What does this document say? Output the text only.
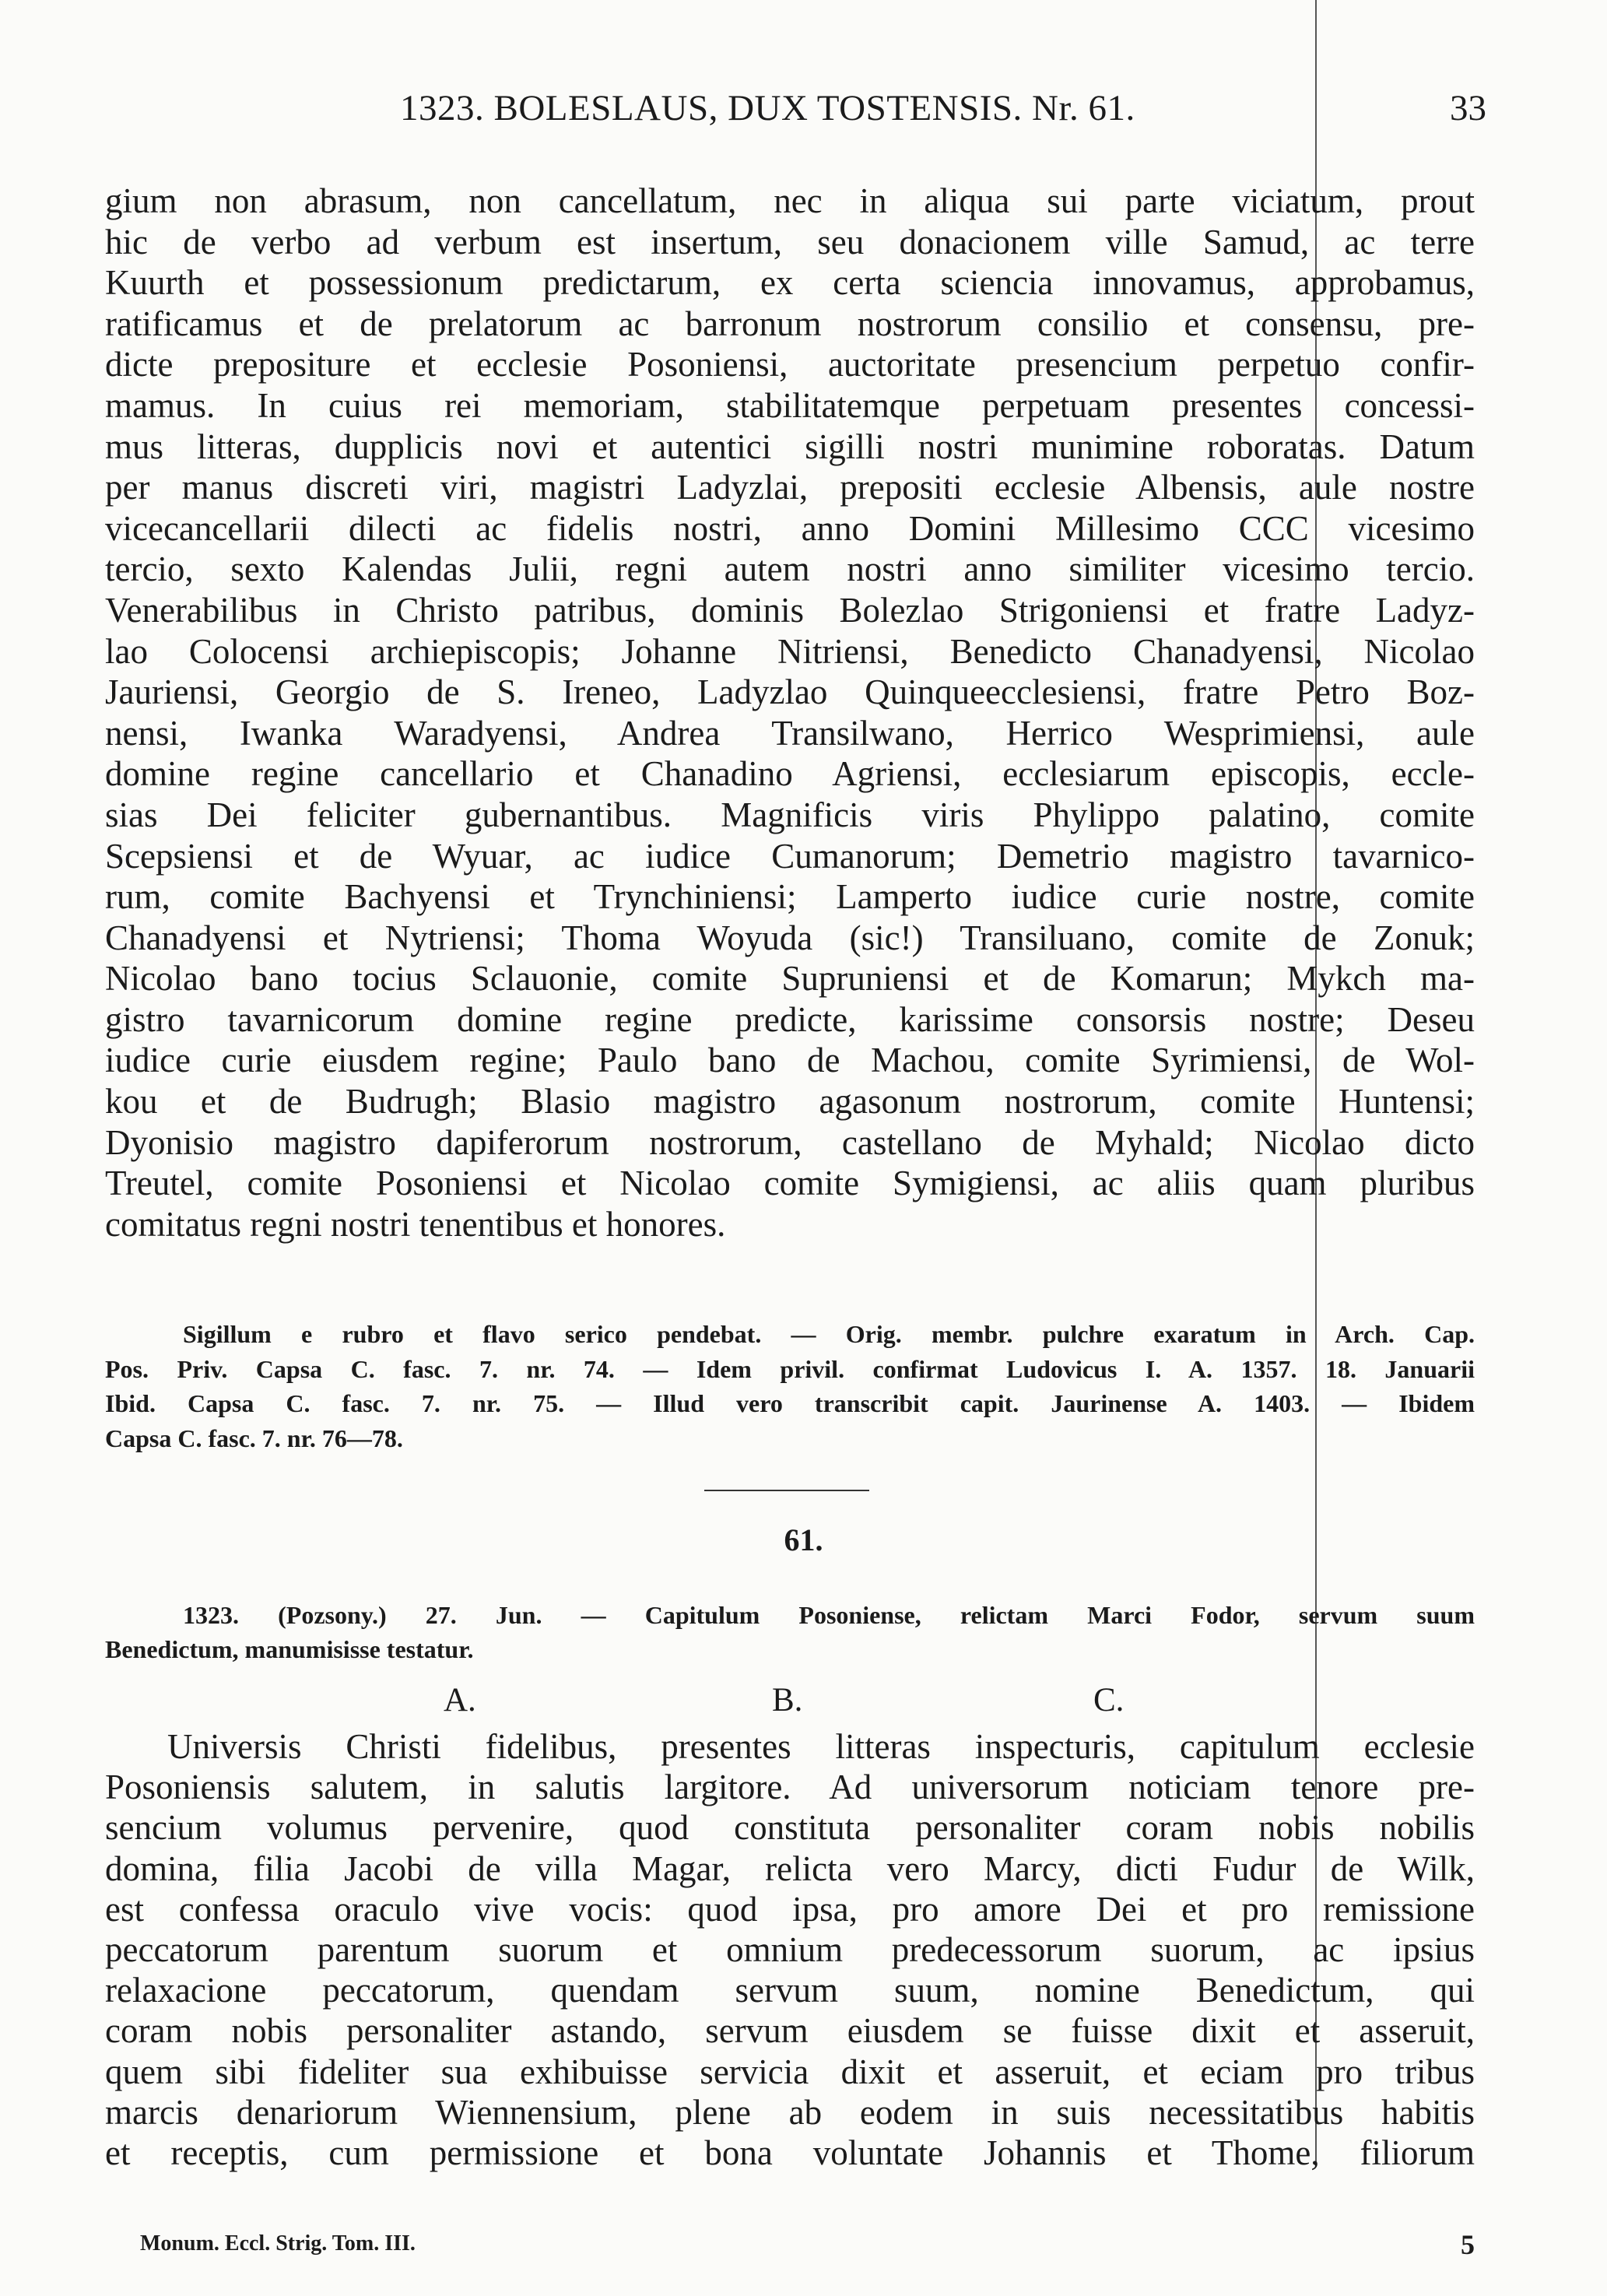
1323. BOLESLAUS, DUX TOSTENSIS. Nr. 61.	33
gium non abrasum, non cancellatum, nec in aliqua sui parte viciatum, prout
hic de verbo ad verbum est insertum, seu donacionem ville Samud, ac terre
Kuurth et possessionum predictarum, ex certa sciencia innovamus, approbamus,
ratificamus et de prelatorum ac barronum nostrorum consilio et consensu, pre-
dicte prepositure et ecclesie Posoniensi, auctoritate presencium perpetuo confir-
mamus. In cuius rei memoriam, stabilitatemque perpetuam presentes concessi-
mus litteras, dupplicis novi et autentici sigilli nostri munimine roboratas. Datum
per manus discreti viri, magistri Ladyzlai, prepositi ecclesie Albensis, aule nostre
vicecancellarii dilecti ac fidelis nostri, anno Domini Millesimo CCC vicesimo
tercio, sexto Kalendas Julii, regni autem nostri anno similiter vicesimo tercio.
Venerabilibus in Christo patribus, dominis Bolezlao Strigoniensi et fratre Ladyz-
lao Colocensi archiepiscopis; Johanne Nitriensi, Benedicto Chanadyensi, Nicolao
Jauriensi, Georgio de S. Ireneo, Ladyzlao Quinqueecclesiensi, fratre Petro Boz-
nensi, Iwanka Waradyensi, Andrea Transilwano, Herrico Wesprimiensi, aule
domine regine cancellario et Chanadino Agriensi, ecclesiarum episcopis, eccle-
sias Dei feliciter gubernantibus. Magnificis viris Phylippo palatino, comite
Scepsiensi et de Wyuar, ac iudice Cumanorum; Demetrio magistro tavarnico-
rum, comite Bachyensi et Trynchiniensi; Lamperto iudice curie nostre, comite
Chanadyensi et Nytriensi; Thoma Woyuda (sic!) Transiluano, comite de Zonuk;
Nicolao bano tocius Sclauonie, comite Supruniensi et de Komarun; Mykch ma-
gistro tavarnicorum domine regine predicte, karissime consorsis nostre; Deseu
iudice curie eiusdem regine; Paulo bano de Machou, comite Syrimiensi, de Wol-
kou et de Budrugh; Blasio magistro agasonum nostrorum, comite Huntensi;
Dyonisio magistro dapiferorum nostrorum, castellano de Myhald; Nicolao dicto
Treutel, comite Posoniensi et Nicolao comite Symigiensi, ac aliis quam pluribus
comitatus regni nostri tenentibus et honores.
Sigillum e rubro et flavo serico pendebat. — Orig. membr. pulchre exaratum in Arch. Cap.
Pos. Priv. Capsa C. fasc. 7. nr. 74. — Idem privil. confirmat Ludovicus I. A. 1357. 18. Januarii
Ibid. Capsa C. fasc. 7. nr. 75. — Illud vero transcribit capit. Jaurinense A. 1403. — Ibidem
Capsa C. fasc. 7. nr. 76—78.
61.
1323. (Pozsony.) 27. Jun. — Capitulum Posoniense, relictam Marci Fodor, servum suum
Benedictum, manumisisse testatur.
A.	B.	C.
Universis Christi fidelibus, presentes litteras inspecturis, capitulum ecclesie
Posoniensis salutem, in salutis largitore. Ad universorum noticiam tenore pre-
sencium volumus pervenire, quod constituta personaliter coram nobis nobilis
domina, filia Jacobi de villa Magar, relicta vero Marcy, dicti Fudur de Wilk,
est confessa oraculo vive vocis: quod ipsa, pro amore Dei et pro remissione
peccatorum parentum suorum et omnium predecessorum suorum, ac ipsius
relaxacione peccatorum, quendam servum suum, nomine Benedictum, qui
coram nobis personaliter astando, servum eiusdem se fuisse dixit et asseruit,
quem sibi fideliter sua exhibuisse servicia dixit et asseruit, et eciam pro tribus
marcis denariorum Wiennensium, plene ab eodem in suis necessitatibus habitis
et receptis, cum permissione et bona voluntate Johannis et Thome, filiorum
Monum. Eccl. Strig. Tom. III.	5
